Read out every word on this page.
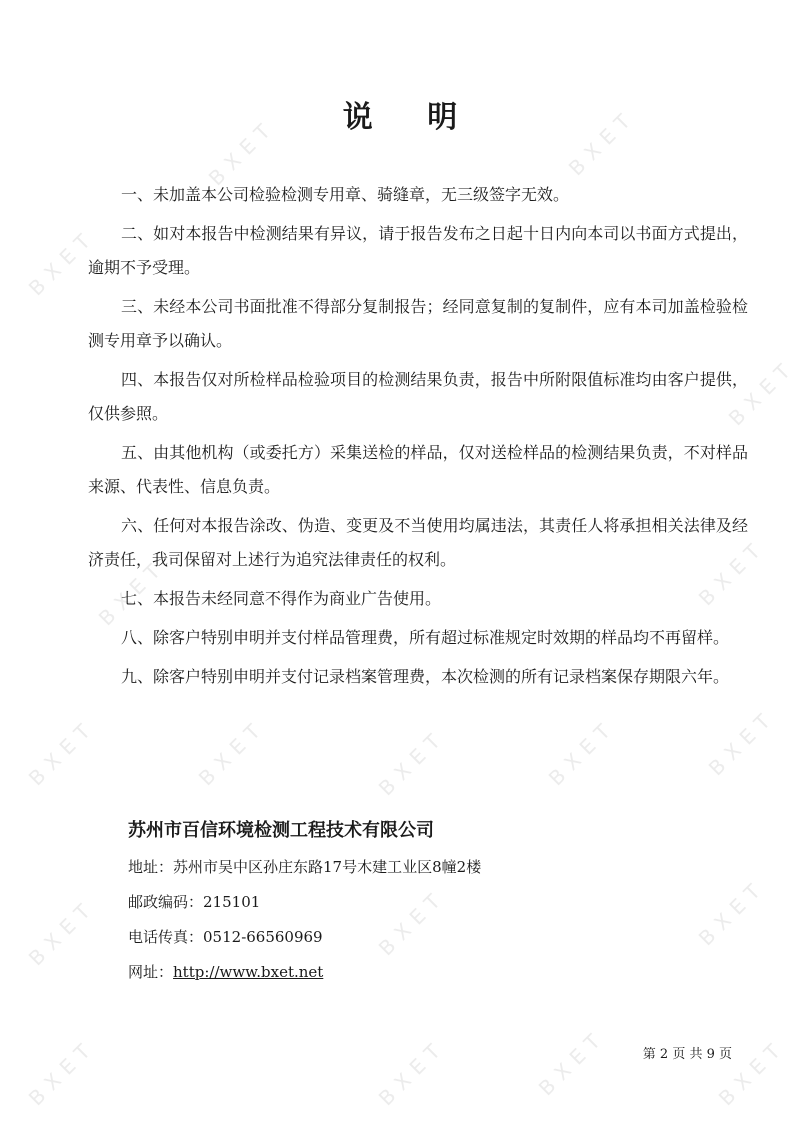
BXET
BXET	BXET
BXET
BXET	BXET
BXET	BXET	BXET	BXET	BXET
BXET	BXET	BXET
BXET	BXET	BXET	BXET
说 明

一、未加盖本公司检验检测专用章、骑缝章，无三级签字无效。

二、如对本报告中检测结果有异议，请于报告发布之日起十日内向本司以书面方式提出，逾期不予受理。

三、未经本公司书面批准不得部分复制报告；经同意复制的复制件，应有本司加盖检验检测专用章予以确认。

四、本报告仅对所检样品检验项目的检测结果负责，报告中所附限值标准均由客户提供，仅供参照。

五、由其他机构（或委托方）采集送检的样品，仅对送检样品的检测结果负责，不对样品来源、代表性、信息负责。

六、任何对本报告涂改、伪造、变更及不当使用均属违法，其责任人将承担相关法律及经济责任，我司保留对上述行为追究法律责任的权利。

七、本报告未经同意不得作为商业广告使用。

八、除客户特别申明并支付样品管理费，所有超过标准规定时效期的样品均不再留样。

九、除客户特别申明并支付记录档案管理费，本次检测的所有记录档案保存期限六年。

苏州市百信环境检测工程技术有限公司
地址：苏州市吴中区孙庄东路17号木建工业区8幢2楼
邮政编码：215101
电话传真：0512-66560969
网址：http://www.bxet.net
第 2 页 共 9 页
